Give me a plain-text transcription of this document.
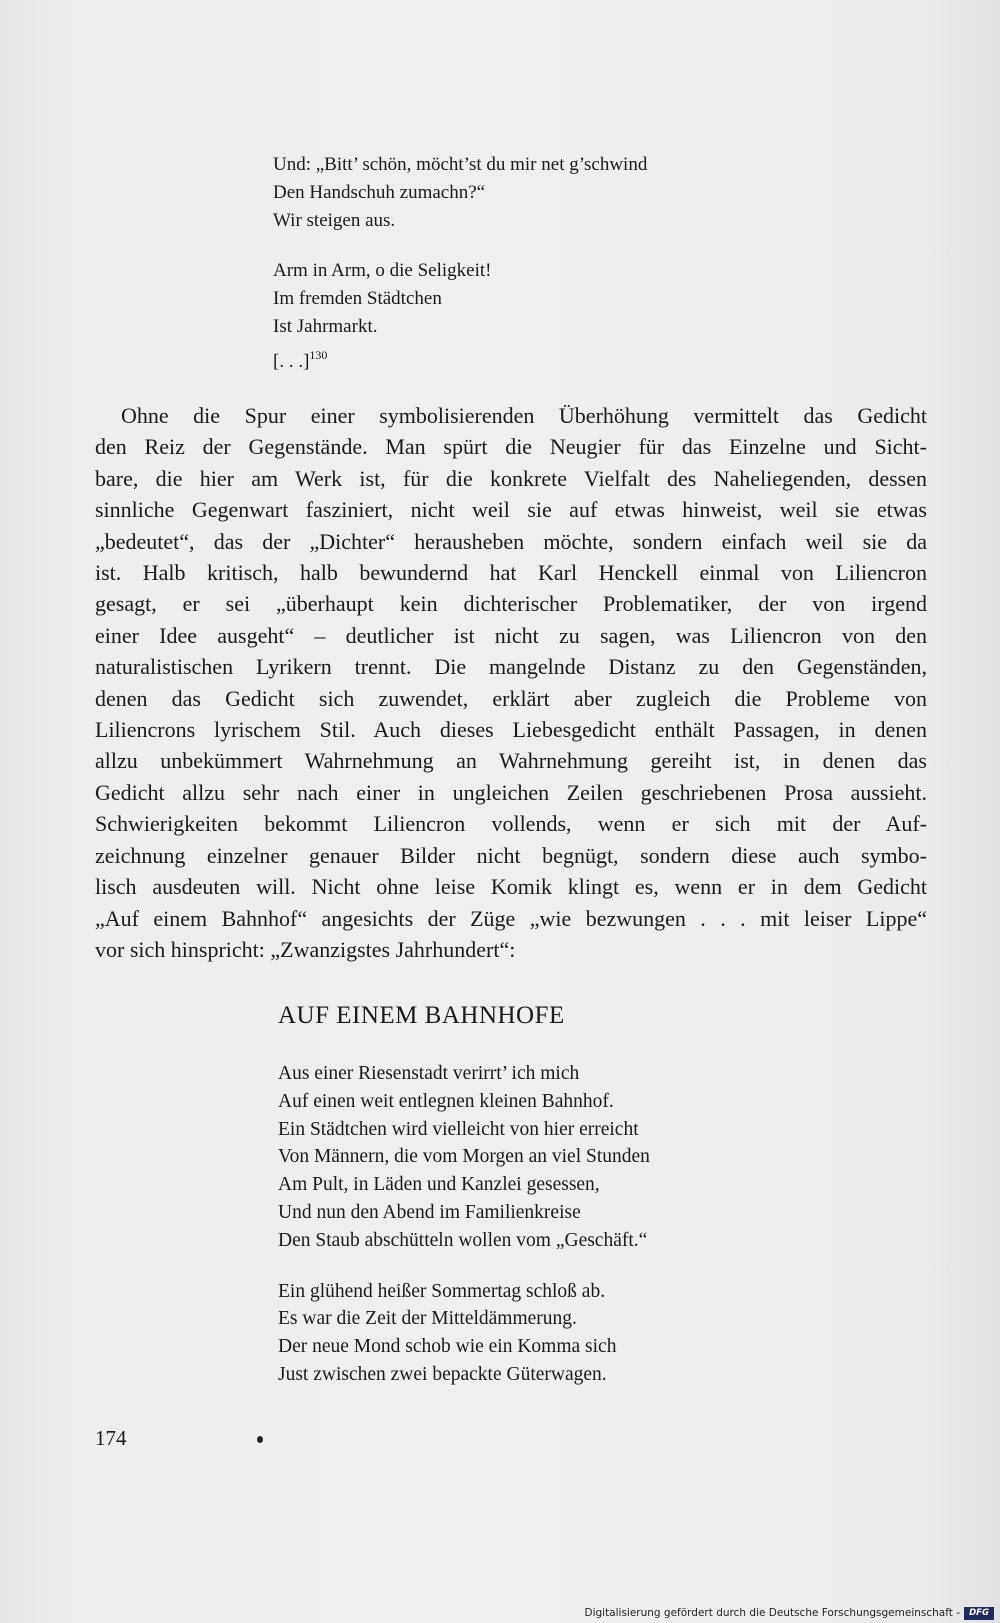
Und: „Bitt’ schön, möcht’st du mir net g’schwind
Den Handschuh zumachn?“
Wir steigen aus.
Arm in Arm, o die Seligkeit!
Im fremden Städtchen
Ist Jahrmarkt.
[. . .]$^{130}$
Ohne die Spur einer symbolisierenden Überhöhung vermittelt das Gedicht
den Reiz der Gegenstände. Man spürt die Neugier für das Einzelne und Sicht-
bare, die hier am Werk ist, für die konkrete Vielfalt des Naheliegenden, dessen
sinnliche Gegenwart fasziniert, nicht weil sie auf etwas hinweist, weil sie etwas
„bedeutet“, das der „Dichter“ herausheben möchte, sondern einfach weil sie da
ist. Halb kritisch, halb bewundernd hat Karl Henckell einmal von Liliencron
gesagt, er sei „überhaupt kein dichterischer Problematiker, der von irgend
einer Idee ausgeht“ – deutlicher ist nicht zu sagen, was Liliencron von den
naturalistischen Lyrikern trennt. Die mangelnde Distanz zu den Gegenständen,
denen das Gedicht sich zuwendet, erklärt aber zugleich die Probleme von
Liliencrons lyrischem Stil. Auch dieses Liebesgedicht enthält Passagen, in denen
allzu unbekümmert Wahrnehmung an Wahrnehmung gereiht ist, in denen das
Gedicht allzu sehr nach einer in ungleichen Zeilen geschriebenen Prosa aussieht.
Schwierigkeiten bekommt Liliencron vollends, wenn er sich mit der Auf-
zeichnung einzelner genauer Bilder nicht begnügt, sondern diese auch symbo-
lisch ausdeuten will. Nicht ohne leise Komik klingt es, wenn er in dem Gedicht
„Auf einem Bahnhof“ angesichts der Züge „wie bezwungen . . . mit leiser Lippe“
vor sich hinspricht: „Zwanzigstes Jahrhundert“:
AUF EINEM BAHNHOFE
Aus einer Riesenstadt verirrt’ ich mich
Auf einen weit entlegnen kleinen Bahnhof.
Ein Städtchen wird vielleicht von hier erreicht
Von Männern, die vom Morgen an viel Stunden
Am Pult, in Läden und Kanzlei gesessen,
Und nun den Abend im Familienkreise
Den Staub abschütteln wollen vom „Geschäft.“
Ein glühend heißer Sommertag schloß ab.
Es war die Zeit der Mitteldämmerung.
Der neue Mond schob wie ein Komma sich
Just zwischen zwei bepackte Güterwagen.
174
Digitalisierung gefördert durch die Deutsche Forschungsgemeinschaft -	DFG
